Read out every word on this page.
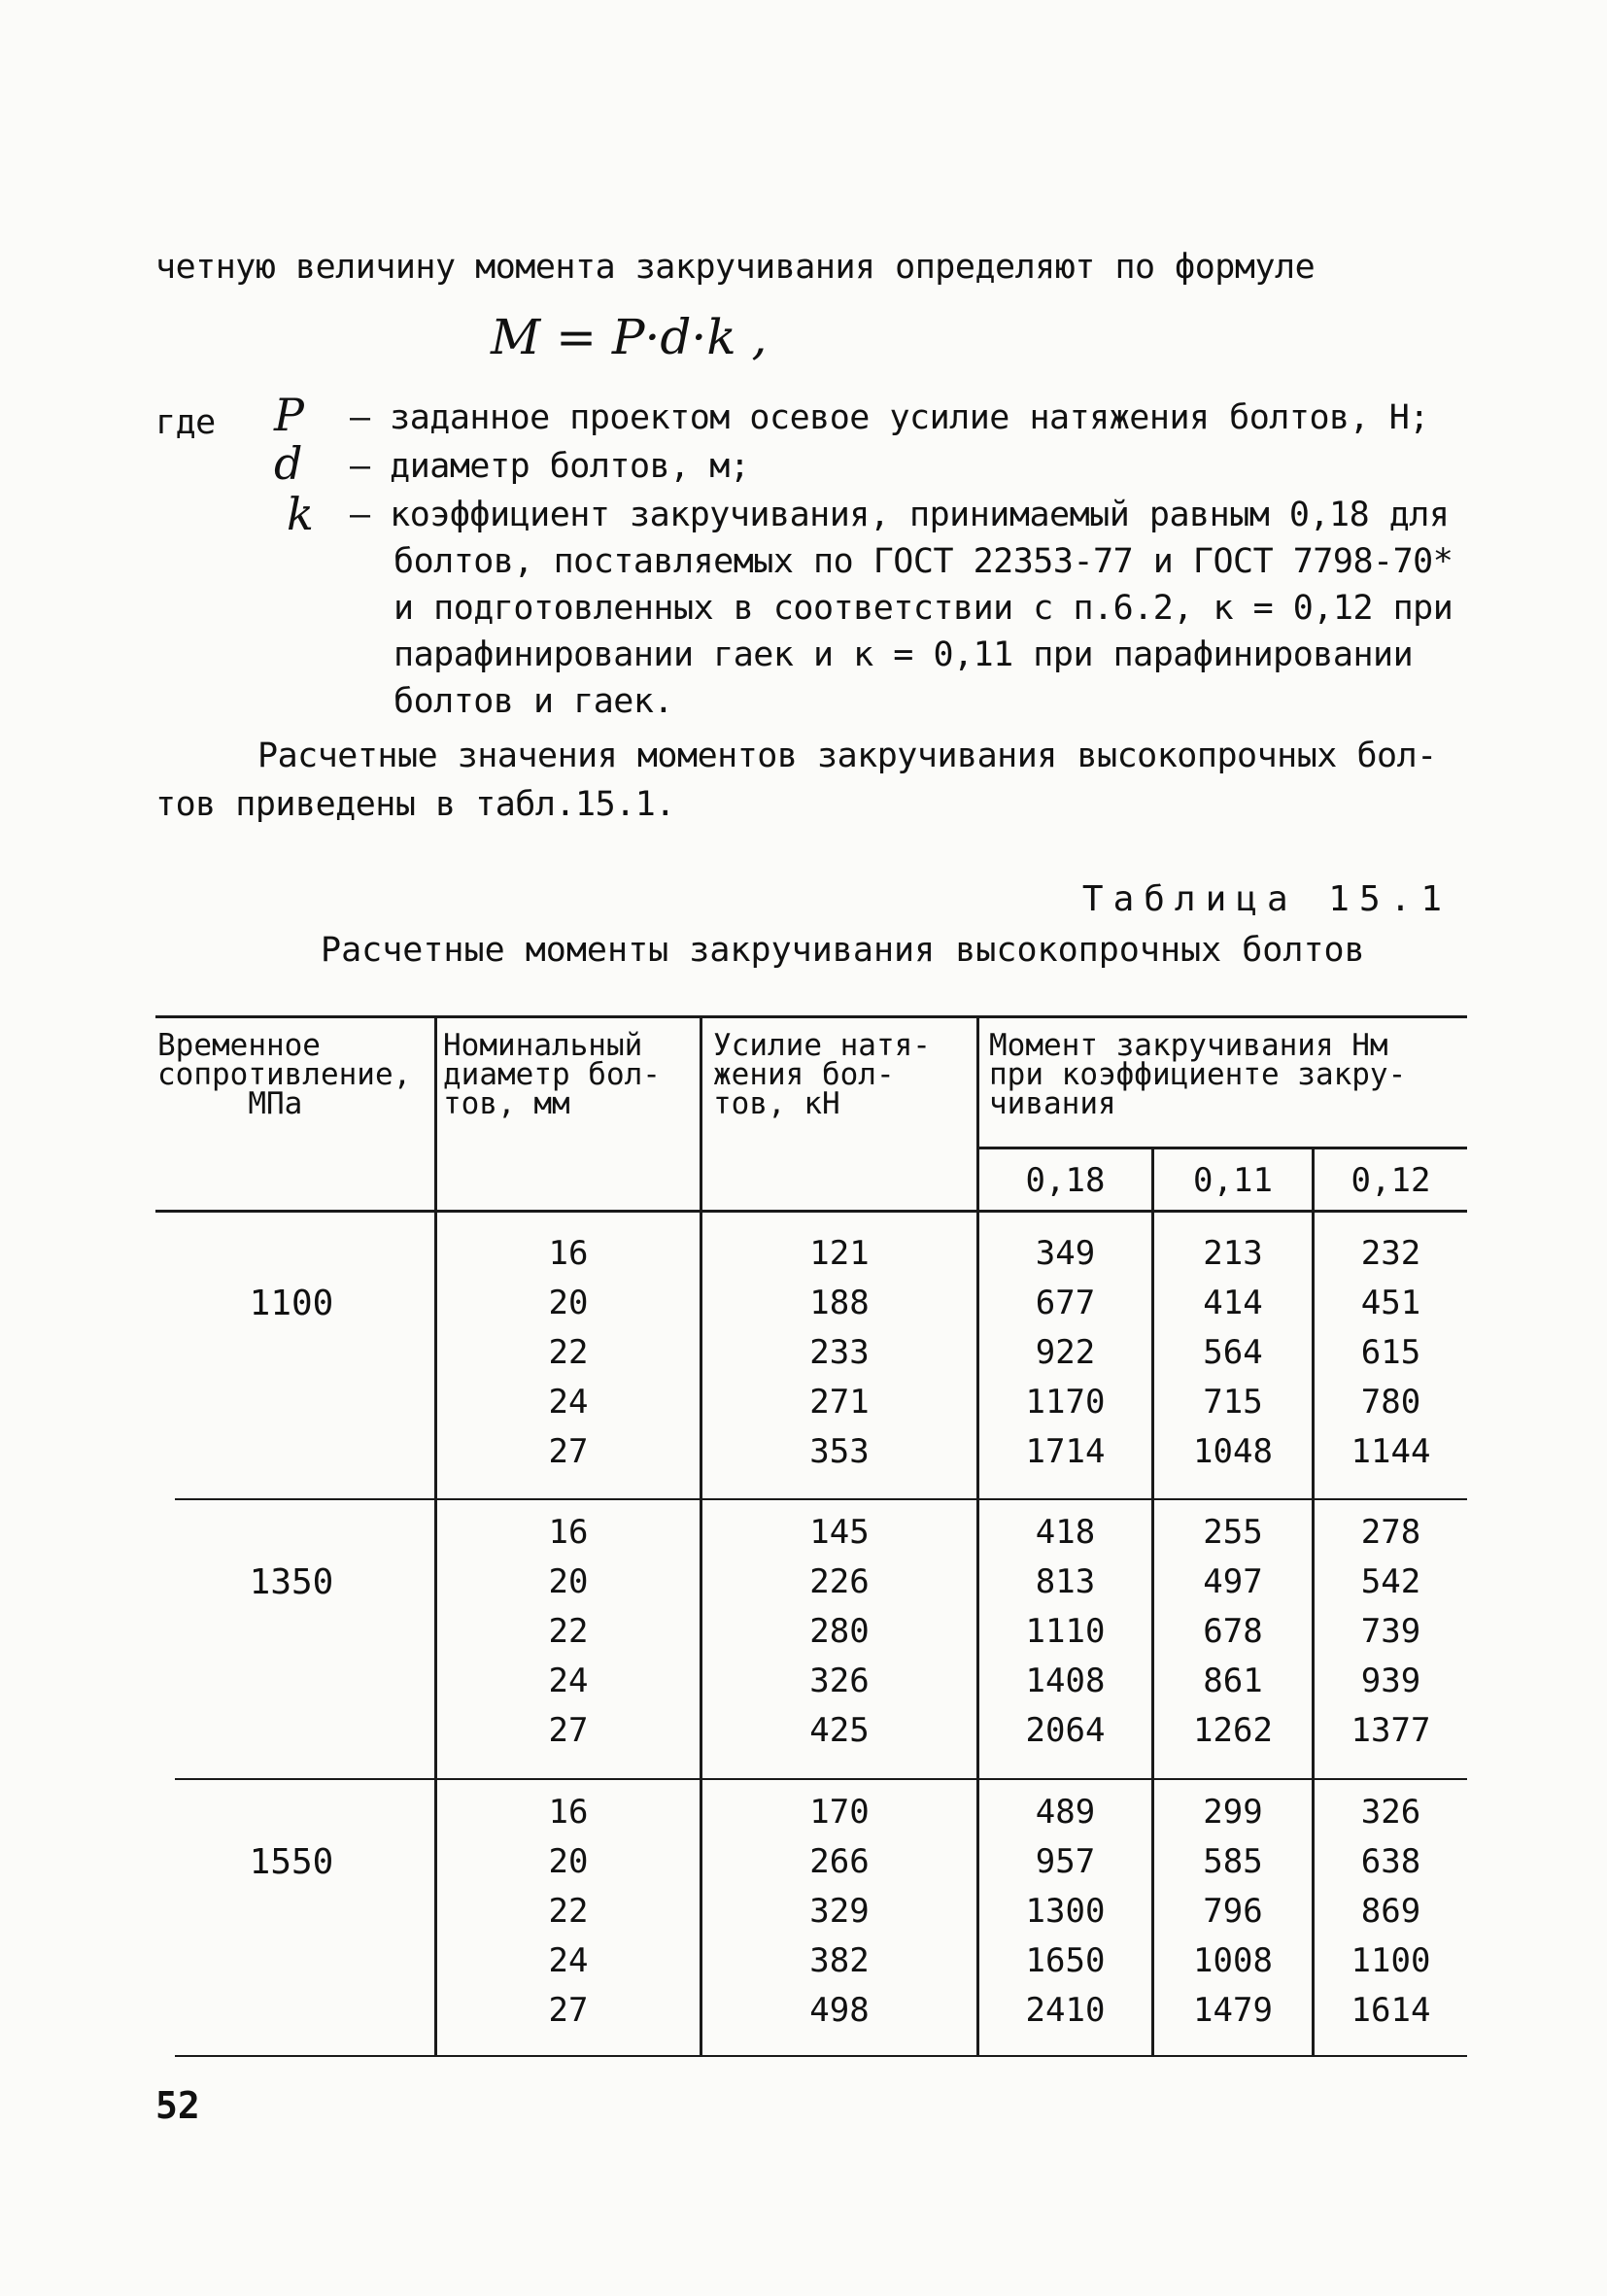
четную величину момента закручивания определяют по формуле
M = P·d·k ,
где P – заданное проектом осевое усилие натяжения болтов, Н;
d – диаметр болтов, м;
k – коэффициент закручивания, принимаемый равным 0,18 для
болтов, поставляемых по ГОСТ 22353-77 и ГОСТ 7798-70*
и подготовленных в соответствии с п.6.2, к = 0,12 при
парафинировании гаек и к = 0,11 при парафинировании
болтов и гаек.
Расчетные значения моментов закручивания высокопрочных бол-
тов приведены в табл.15.1.
Таблица 15.1
Расчетные моменты закручивания высокопрочных болтов
Временное
сопротивление,
МПа
Номинальный
диаметр бол-
тов, мм
Усилие натя-
жения бол-
тов, кН
Момент закручивания Нм
при коэффициенте закру-
чивания
0,18	0,11	0,12
1100
16	121	349	213	232
20	188	677	414	451
22	233	922	564	615
24	271	1170	715	780
27	353	1714	1048	1144
1350
16	145	418	255	278
20	226	813	497	542
22	280	1110	678	739
24	326	1408	861	939
27	425	2064	1262	1377
1550
16	170	489	299	326
20	266	957	585	638
22	329	1300	796	869
24	382	1650	1008	1100
27	498	2410	1479	1614
52
